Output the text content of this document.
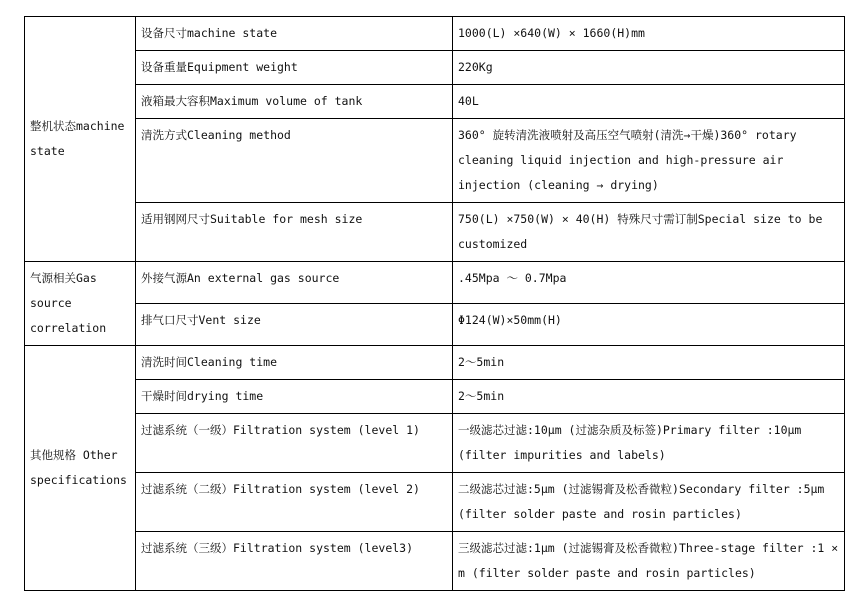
整机状态machine state	设备尺寸machine state	1000(L) ×640(W) × 1660(H)mm
	设备重量Equipment weight	220Kg
	液箱最大容积Maximum volume of tank	40L
	清洗方式Cleaning method	360° 旋转清洗液喷射及高压空气喷射(清洗→干燥)360° rotary cleaning liquid injection and high-pressure air injection (cleaning → drying)
	适用钢网尺寸Suitable for mesh size	750(L) ×750(W) × 40(H) 特殊尺寸需订制Special size to be customized
气源相关Gas source correlation	外接气源An external gas source	.45Mpa ～ 0.7Mpa
	排气口尺寸Vent size	Φ124(W)×50mm(H)
其他规格 Other specifications	清洗时间Cleaning time	2～5min
	干燥时间drying time	2～5min
	过滤系统（一级）Filtration system (level 1)	一级滤芯过滤:10μm (过滤杂质及标签)Primary filter :10μm (filter impurities and labels)
	过滤系统（二级）Filtration system (level 2)	二级滤芯过滤:5μm (过滤锡膏及松香微粒)Secondary filter :5μm (filter solder paste and rosin particles)
	过滤系统（三级）Filtration system (level3)	三级滤芯过滤:1μm (过滤锡膏及松香微粒)Three-stage filter :1 × m (filter solder paste and rosin particles)
